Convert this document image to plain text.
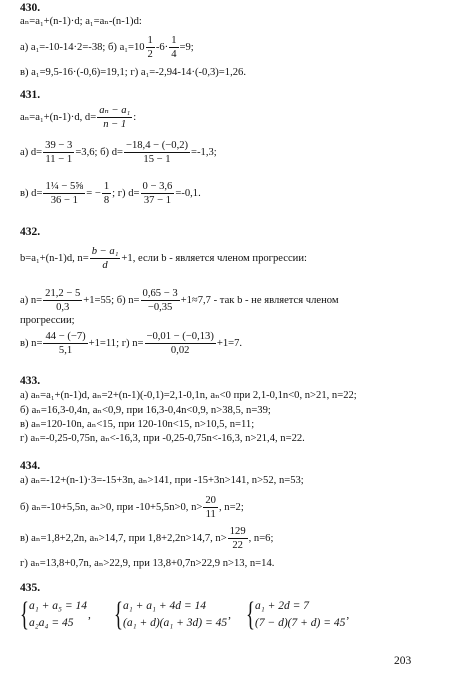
430.
aₙ=a₁+(n-1)·d; a₁=aₙ-(n-1)d:
а) a₁=-10-14·2=-38; б) $a_1=10 \frac{1}{2} -6\cdot \frac{1}{4} =9$;
в) a₁=9,5-16·(-0,6)=19,1; г) a₁=-2,94-14·(-0,3)=1,26.
431.
aₙ=a₁+(n-1)·d, $d= \frac{\text{aₙ − a₁}}{n - 1}$ :
а) $d= \frac{39 - 3}{11 - 1} =3,6$; б) $d= \frac{-18,4 - (-0,2)}{15 - 1} =-1,3$;
в) $d= \frac{\text{1¼ − 5⅝}}{36 - 1}$ = − $\frac{1}{8}$ ; г) $d= \frac{0 - 3,6}{37 - 1} =-0,1$.
432.
b=a₁+(n-1)d, $n= \frac{\text{b − a₁}}{d} +1$, если b - является членом прогрессии:
а) $n= \frac{21,2 - 5}{0,3} +1=55$; б) $n= \frac{0,65 - 3}{-0,35} +1\approx 7,7$ - так b - не является членом
прогрессии;
в) $n= \frac{44 - (-7)}{5,1} +1=11$; г) $n= \frac{-0,01 - (-0,13)}{0,02} +1=7$.
433.
а) aₙ=a₁+(n-1)d, aₙ=2+(n-1)(-0,1)=2,1-0,1n, aₙ<0 при 2,1-0,1n<0, n>21, n=22;
б) aₙ=16,3-0,4n, aₙ<0,9, при 16,3-0,4n<0,9, n>38,5, n=39;
в) aₙ=120-10n, aₙ<15, при 120-10n<15, n>10,5, n=11;
г) aₙ=-0,25-0,75n, aₙ<-16,3, при -0,25-0,75n<-16,3, n>21,4, n=22.
434.
а) aₙ=-12+(n-1)·3=-15+3n, aₙ>141, при -15+3n>141, n>52, n=53;
б) aₙ=-10+5,5n, aₙ>0, при -10+5,5n>0, $n> \frac{20}{11}$ , n=2;
в) aₙ=1,8+2,2n, aₙ>14,7, при 1,8+2,2n>14,7, $n> \frac{129}{22}$ , n=6;
г) aₙ=13,8+0,7n, aₙ>22,9, при 13,8+0,7n>22,9 n>13, n=14.
435.
{ a₁ + a₅ = 14
a₂a₄ = 45
, { a₁ + a₁ + 4d = 14
(a₁ + d)(a₁ + 3d) = 45
, { a₁ + 2d = 7
(7 − d)(7 + d) = 45
,
203
